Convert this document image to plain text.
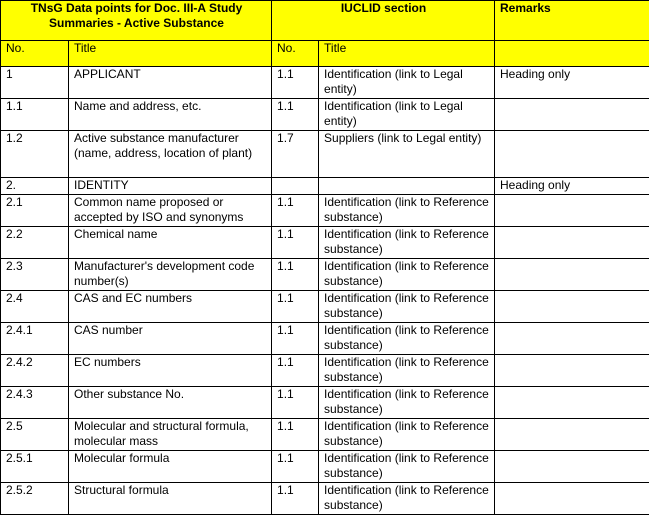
TNsG Data points for Doc. III-A Study Summaries - Active Substance		IUCLID section		Remarks
No.	Title	No.	Title	
1	APPLICANT	1.1	Identification (link to Legal entity)	Heading only
1.1	Name and address, etc.	1.1	Identification (link to Legal entity)	
1.2	Active substance manufacturer (name, address, location of plant)	1.7	Suppliers (link to Legal entity)	
2.	IDENTITY			Heading only
2.1	Common name proposed or accepted by ISO and synonyms	1.1	Identification (link to Reference substance)	
2.2	Chemical name	1.1	Identification (link to Reference substance)	
2.3	Manufacturer's development code number(s)	1.1	Identification (link to Reference substance)	
2.4	CAS and EC numbers	1.1	Identification (link to Reference substance)	
2.4.1	CAS number	1.1	Identification (link to Reference substance)	
2.4.2	EC numbers	1.1	Identification (link to Reference substance)	
2.4.3	Other substance No.	1.1	Identification (link to Reference substance)	
2.5	Molecular and structural formula, molecular mass	1.1	Identification (link to Reference substance)	
2.5.1	Molecular formula	1.1	Identification (link to Reference substance)	
2.5.2	Structural formula	1.1	Identification (link to Reference substance)	
